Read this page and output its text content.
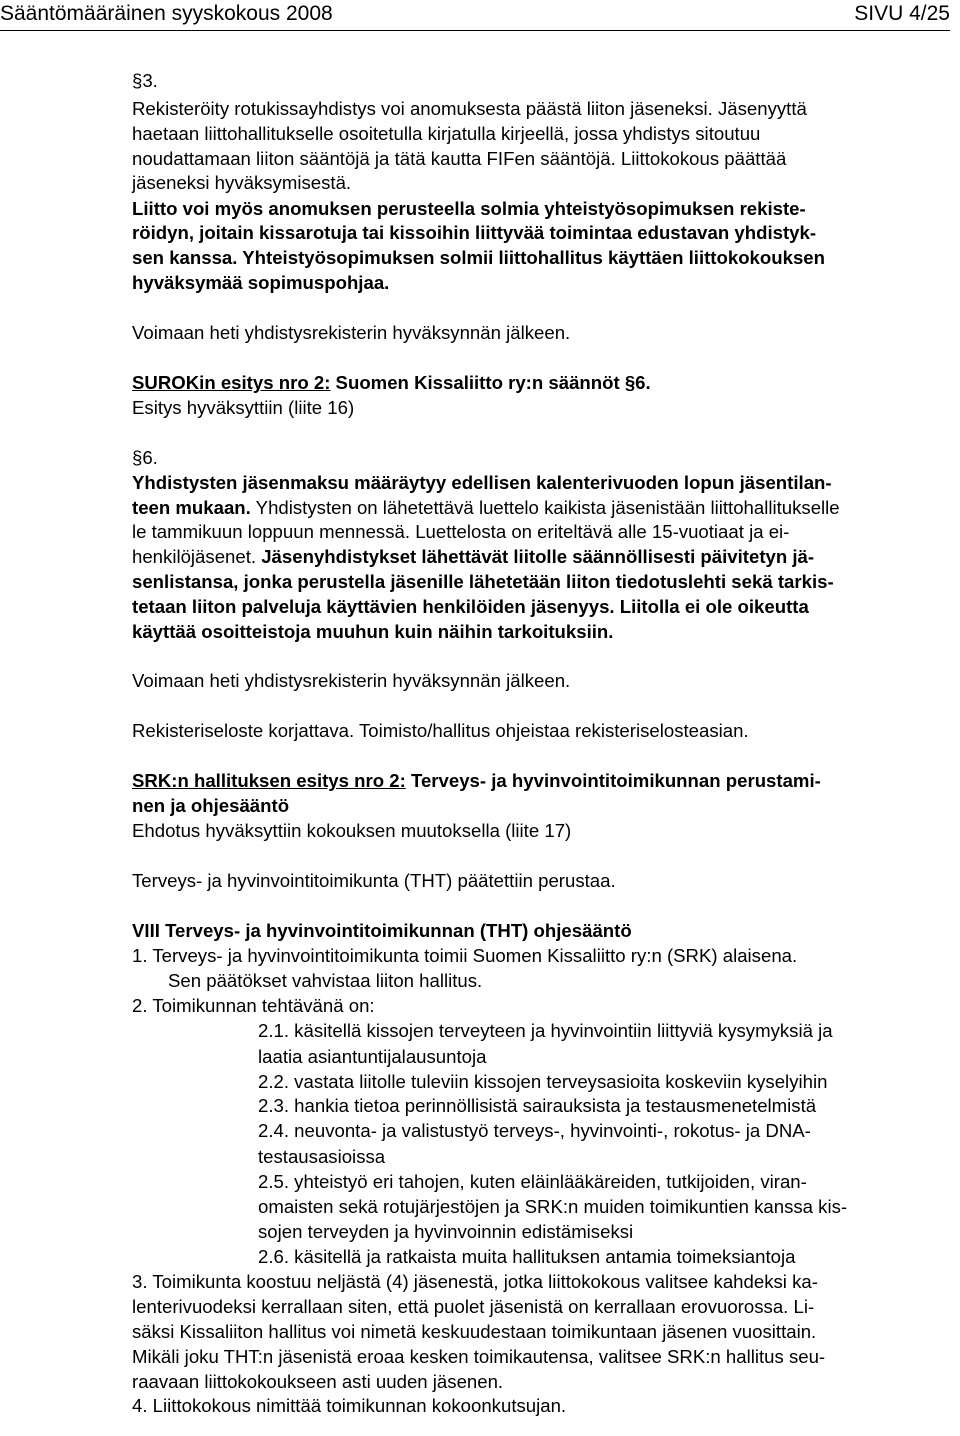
Sääntömääräinen syyskokous 2008	SIVU 4/25
§3.
Rekisteröity rotukissayhdistys voi anomuksesta päästä liiton jäseneksi. Jäsenyyttä
haetaan liittohallitukselle osoitetulla kirjatulla kirjeellä, jossa yhdistys sitoutuu
noudattamaan liiton sääntöjä ja tätä kautta FIFen sääntöjä. Liittokokous päättää
jäseneksi hyväksymisestä.
Liitto voi myös anomuksen perusteella solmia yhteistyösopimuksen rekiste-
röidyn, joitain kissarotuja tai kissoihin liittyvää toimintaa edustavan yhdistyk-
sen kanssa. Yhteistyösopimuksen solmii liittohallitus käyttäen liittokokouksen
hyväksymää sopimuspohjaa.
Voimaan heti yhdistysrekisterin hyväksynnän jälkeen.
SUROKin esitys nro 2: Suomen Kissaliitto ry:n säännöt §6.
Esitys hyväksyttiin (liite 16)
§6.
Yhdistysten jäsenmaksu määräytyy edellisen kalenterivuoden lopun jäsentilan-
teen mukaan. Yhdistysten on lähetettävä luettelo kaikista jäsenistään liittohallitukselle
le tammikuun loppuun mennessä. Luettelosta on eriteltävä alle 15-vuotiaat ja ei-
henkilöjäsenet. Jäsenyhdistykset lähettävät liitolle säännöllisesti päivitetyn jä-
senlistansa, jonka perustella jäsenille lähetetään liiton tiedotuslehti sekä tarkis-
tetaan liiton palveluja käyttävien henkilöiden jäsenyys. Liitolla ei ole oikeutta
käyttää osoitteistoja muuhun kuin näihin tarkoituksiin.
Voimaan heti yhdistysrekisterin hyväksynnän jälkeen.
Rekisteriseloste korjattava. Toimisto/hallitus ohjeistaa rekisteriselosteasian.
SRK:n hallituksen esitys nro 2: Terveys- ja hyvinvointitoimikunnan perustami-
nen ja ohjesääntö
Ehdotus hyväksyttiin kokouksen muutoksella (liite 17)
Terveys- ja hyvinvointitoimikunta (THT) päätettiin perustaa.
VIII Terveys- ja hyvinvointitoimikunnan (THT) ohjesääntö
1. Terveys- ja hyvinvointitoimikunta toimii Suomen Kissaliitto ry:n (SRK) alaisena.
Sen päätökset vahvistaa liiton hallitus.
2. Toimikunnan tehtävänä on:
2.1. käsitellä kissojen terveyteen ja hyvinvointiin liittyviä kysymyksiä ja
laatia asiantuntijalausuntoja
2.2. vastata liitolle tuleviin kissojen terveysasioita koskeviin kyselyihin
2.3. hankia tietoa perinnöllisistä sairauksista ja testausmenetelmistä
2.4. neuvonta- ja valistustyö terveys-, hyvinvointi-, rokotus- ja DNA-
testausasioissa
2.5. yhteistyö eri tahojen, kuten eläinlääkäreiden, tutkijoiden, viran-
omaisten sekä rotujärjestöjen ja SRK:n muiden toimikuntien kanssa kis-
sojen terveyden ja hyvinvoinnin edistämiseksi
2.6. käsitellä ja ratkaista muita hallituksen antamia toimeksiantoja
3. Toimikunta koostuu neljästä (4) jäsenestä, jotka liittokokous valitsee kahdeksi ka-
lenterivuodeksi kerrallaan siten, että puolet jäsenistä on kerrallaan erovuorossa. Li-
säksi Kissaliiton hallitus voi nimetä keskuudestaan toimikuntaan jäsenen vuosittain.
Mikäli joku THT:n jäsenistä eroaa kesken toimikautensa, valitsee SRK:n hallitus seu-
raavaan liittokokoukseen asti uuden jäsenen.
4. Liittokokous nimittää toimikunnan kokoonkutsujan.
